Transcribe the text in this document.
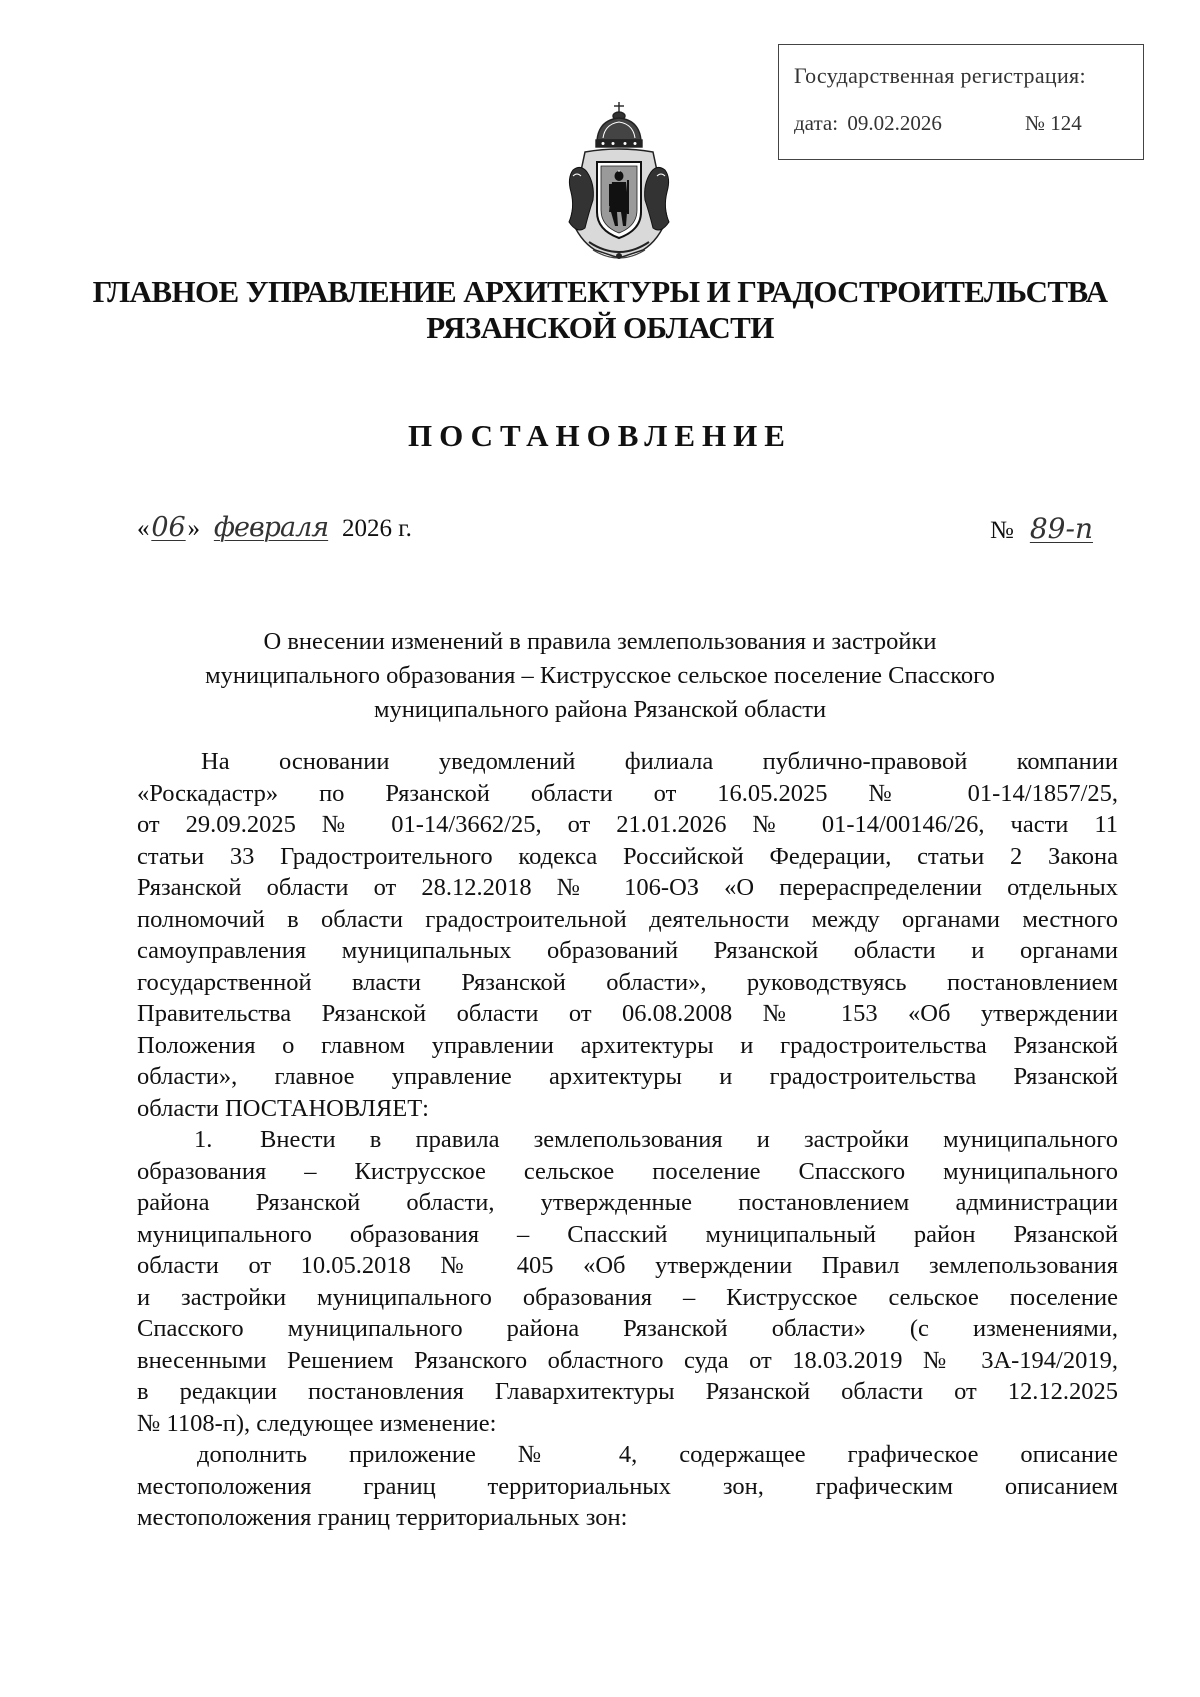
Государственная регистрация:
дата: 09.02.2026	№ 124
ГЛАВНОЕ УПРАВЛЕНИЕ АРХИТЕКТУРЫ И ГРАДОСТРОИТЕЛЬСТВА
РЯЗАНСКОЙ ОБЛАСТИ
ПОСТАНОВЛЕНИЕ
«06» февраля 2026 г.	№ 89-п
О внесении изменений в правила землепользования и застройки
муниципального образования – Киструсское сельское поселение Спасского
муниципального района Рязанской области
На основании уведомлений филиала публично-правовой компании
«Роскадастр» по Рязанской области от 16.05.2025 № 01-14/1857/25,
от 29.09.2025 № 01-14/3662/25, от 21.01.2026 № 01-14/00146/26, части 11
статьи 33 Градостроительного кодекса Российской Федерации, статьи 2 Закона
Рязанской области от 28.12.2018 № 106-ОЗ «О перераспределении отдельных
полномочий в области градостроительной деятельности между органами местного
самоуправления муниципальных образований Рязанской области и органами
государственной власти Рязанской области», руководствуясь постановлением
Правительства Рязанской области от 06.08.2008 № 153 «Об утверждении
Положения о главном управлении архитектуры и градостроительства Рязанской
области», главное управление архитектуры и градостроительства Рязанской
области ПОСТАНОВЛЯЕТ:
1. Внести в правила землепользования и застройки муниципального
образования – Киструсское сельское поселение Спасского муниципального
района Рязанской области, утвержденные постановлением администрации
муниципального образования – Спасский муниципальный район Рязанской
области от 10.05.2018 № 405 «Об утверждении Правил землепользования
и застройки муниципального образования – Киструсское сельское поселение
Спасского муниципального района Рязанской области» (с изменениями,
внесенными Решением Рязанского областного суда от 18.03.2019 № 3А-194/2019,
в редакции постановления Главархитектуры Рязанской области от 12.12.2025
№ 1108-п), следующее изменение:
дополнить приложение № 4, содержащее графическое описание
местоположения границ территориальных зон, графическим описанием
местоположения границ территориальных зон:
